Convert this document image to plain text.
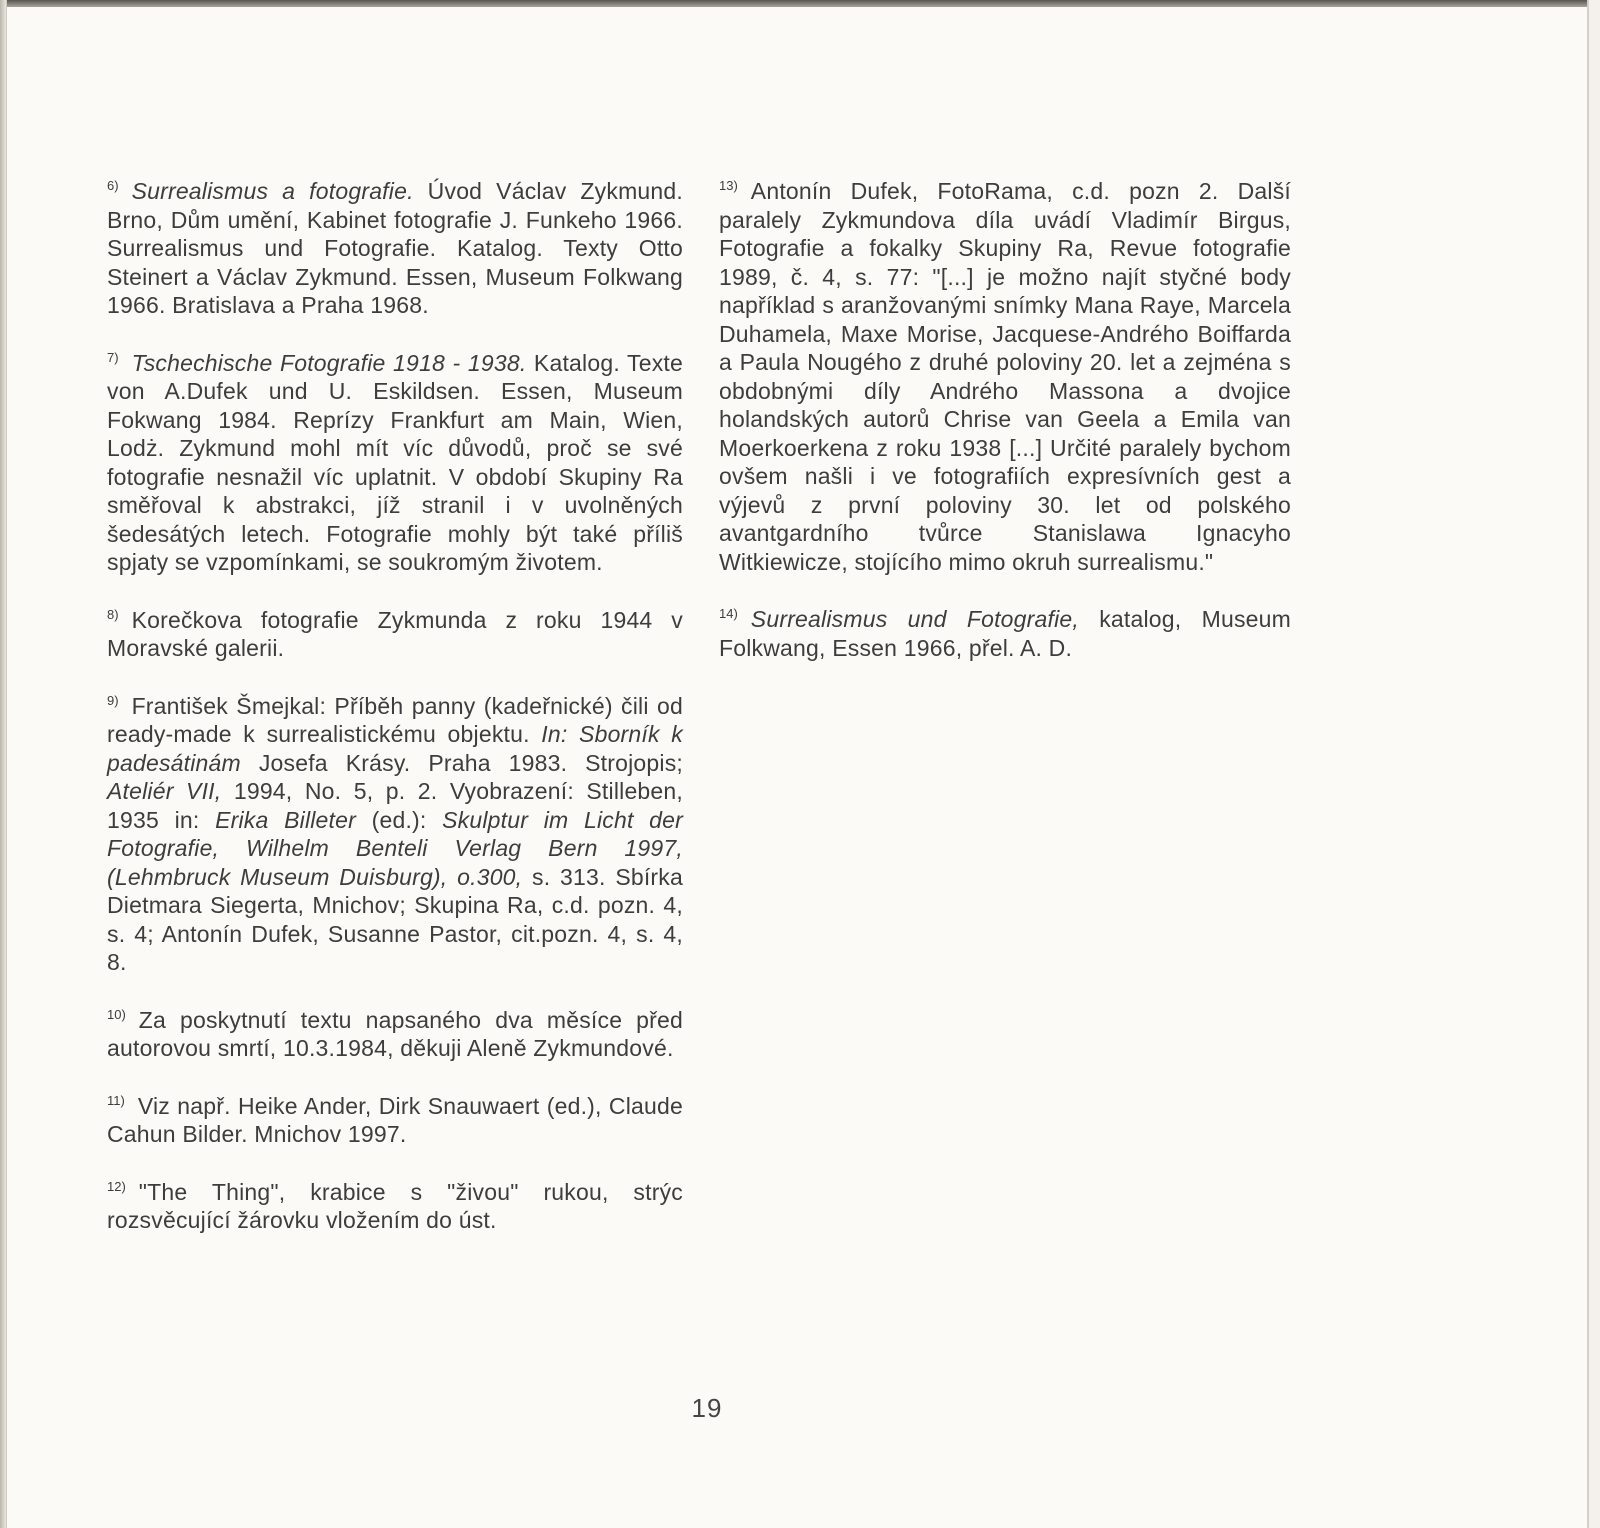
$^{6)}$ Surrealismus a fotografie. Úvod Václav Zykmund. Brno, Dům umění, Kabinet fotografie J. Funkeho 1966. Surrealismus und Fotografie. Katalog. Texty Otto Steinert a Václav Zykmund. Essen, Museum Folkwang 1966. Bratislava a Praha 1968.

$^{7)}$ Tschechische Fotografie 1918 - 1938. Katalog. Texte von A.Dufek und U. Eskildsen. Essen, Museum Fokwang 1984. Reprízy Frankfurt am Main, Wien, Lodż. Zykmund mohl mít víc důvodů, proč se své fotografie nesnažil víc uplatnit. V období Skupiny Ra směřoval k abstrakci, jíž stranil i v uvolněných šedesátých letech. Fotografie mohly být také příliš spjaty se vzpomínkami, se soukromým životem.

$^{8)}$ Korečkova fotografie Zykmunda z roku 1944 v Moravské galerii.

$^{9)}$ František Šmejkal: Příběh panny (kadeřnické) čili od ready-made k surrealistickému objektu. In: Sborník k padesátinám Josefa Krásy. Praha 1983. Strojopis; Ateliér VII, 1994, No. 5, p. 2. Vyobrazení: Stilleben, 1935 in: Erika Billeter (ed.): Skulptur im Licht der Fotografie, Wilhelm Benteli Verlag Bern 1997, (Lehmbruck Museum Duisburg), o.300, s. 313. Sbírka Dietmara Siegerta, Mnichov; Skupina Ra, c.d. pozn. 4, s. 4; Antonín Dufek, Susanne Pastor, cit.pozn. 4, s. 4, 8.

$^{10)}$ Za poskytnutí textu napsaného dva měsíce před autorovou smrtí, 10.3.1984, děkuji Aleně Zykmundové.

$^{11)}$ Viz např. Heike Ander, Dirk Snauwaert (ed.), Claude Cahun Bilder. Mnichov 1997.

$^{12)}$ "The Thing", krabice s "živou" rukou, strýc rozsvěcující žárovku vložením do úst.

$^{13)}$ Antonín Dufek, FotoRama, c.d. pozn 2. Další paralely Zykmundova díla uvádí Vladimír Birgus, Fotografie a fokalky Skupiny Ra, Revue fotografie 1989, č. 4, s. 77: "[...] je možno najít styčné body například s aranžovanými snímky Mana Raye, Marcela Duhamela, Maxe Morise, Jacquese-Andrého Boiffarda a Paula Nougého z druhé poloviny 20. let a zejména s obdobnými díly Andrého Massona a dvojice holandských autorů Chrise van Geela a Emila van Moerkoerkena z roku 1938 [...] Určité paralely bychom ovšem našli i ve fotografiích expresívních gest a výjevů z první poloviny 30. let od polského avantgardního tvůrce Stanislawa Ignacyho Witkiewicze, stojícího mimo okruh surrealismu."

$^{14)}$ Surrealismus und Fotografie, katalog, Museum Folkwang, Essen 1966, přel. A. D.

19
